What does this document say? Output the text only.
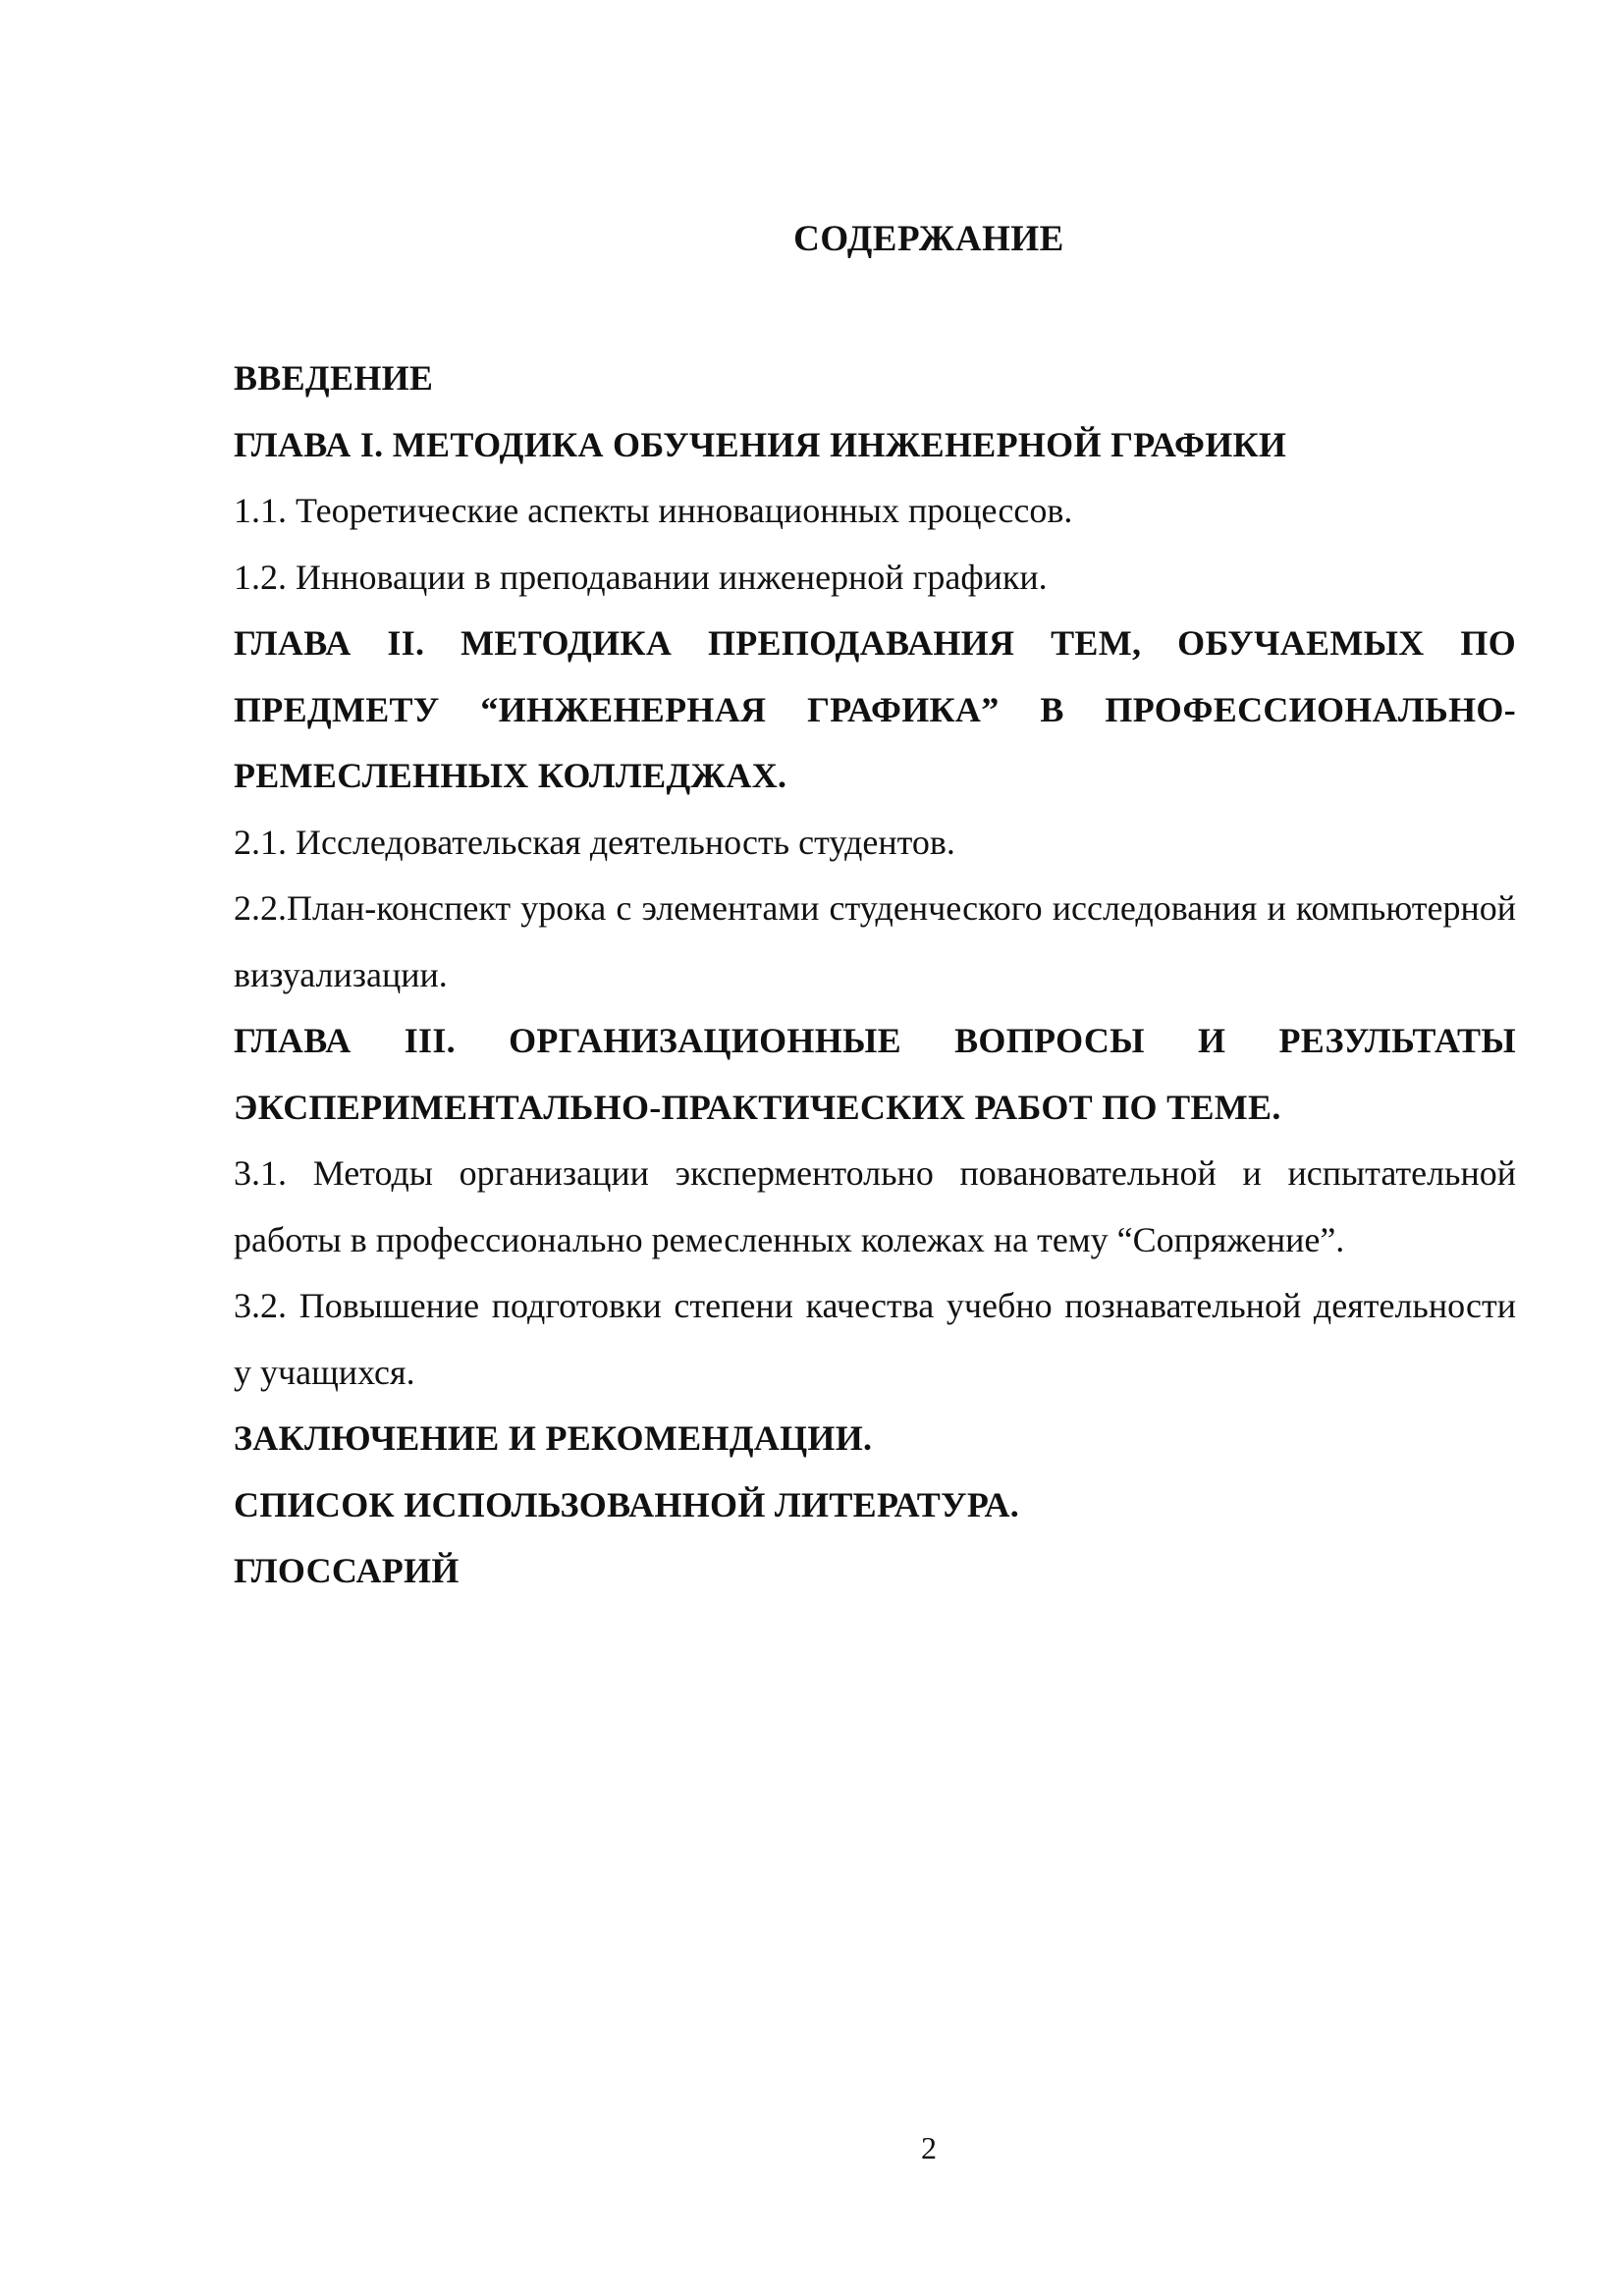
СОДЕРЖАНИЕ

ВВЕДЕНИЕ

ГЛАВА I. МЕТОДИКА ОБУЧЕНИЯ ИНЖЕНЕРНОЙ ГРАФИКИ

1.1. Теоретические аспекты инновационных процессов.

1.2. Инновации в преподавании инженерной графики.

ГЛАВА II. МЕТОДИКА ПРЕПОДАВАНИЯ ТЕМ, ОБУЧАЕМЫХ ПО ПРЕДМЕТУ “ИНЖЕНЕРНАЯ ГРАФИКА” В ПРОФЕССИОНАЛЬНО-РЕМЕСЛЕННЫХ КОЛЛЕДЖАХ.

2.1. Исследовательская деятельность студентов.

2.2.План-конспект урока с элементами студенческого исследования и компьютерной визуализации.

ГЛАВА III. ОРГАНИЗАЦИОННЫЕ ВОПРОСЫ И РЕЗУЛЬТАТЫ ЭКСПЕРИМЕНТАЛЬНО-ПРАКТИЧЕСКИХ РАБОТ ПО ТЕМЕ.

3.1. Методы организации эксперментольно повановательной и испытательной работы в профессионально ремесленных колежах на тему “Сопряжение”.

3.2. Повышение подготовки степени качества учебно познавательной деятельности у учащихся.

ЗАКЛЮЧЕНИЕ И РЕКОМЕНДАЦИИ.

СПИСОК ИСПОЛЬЗОВАННОЙ ЛИТЕРАТУРА.

ГЛОССАРИЙ

2
